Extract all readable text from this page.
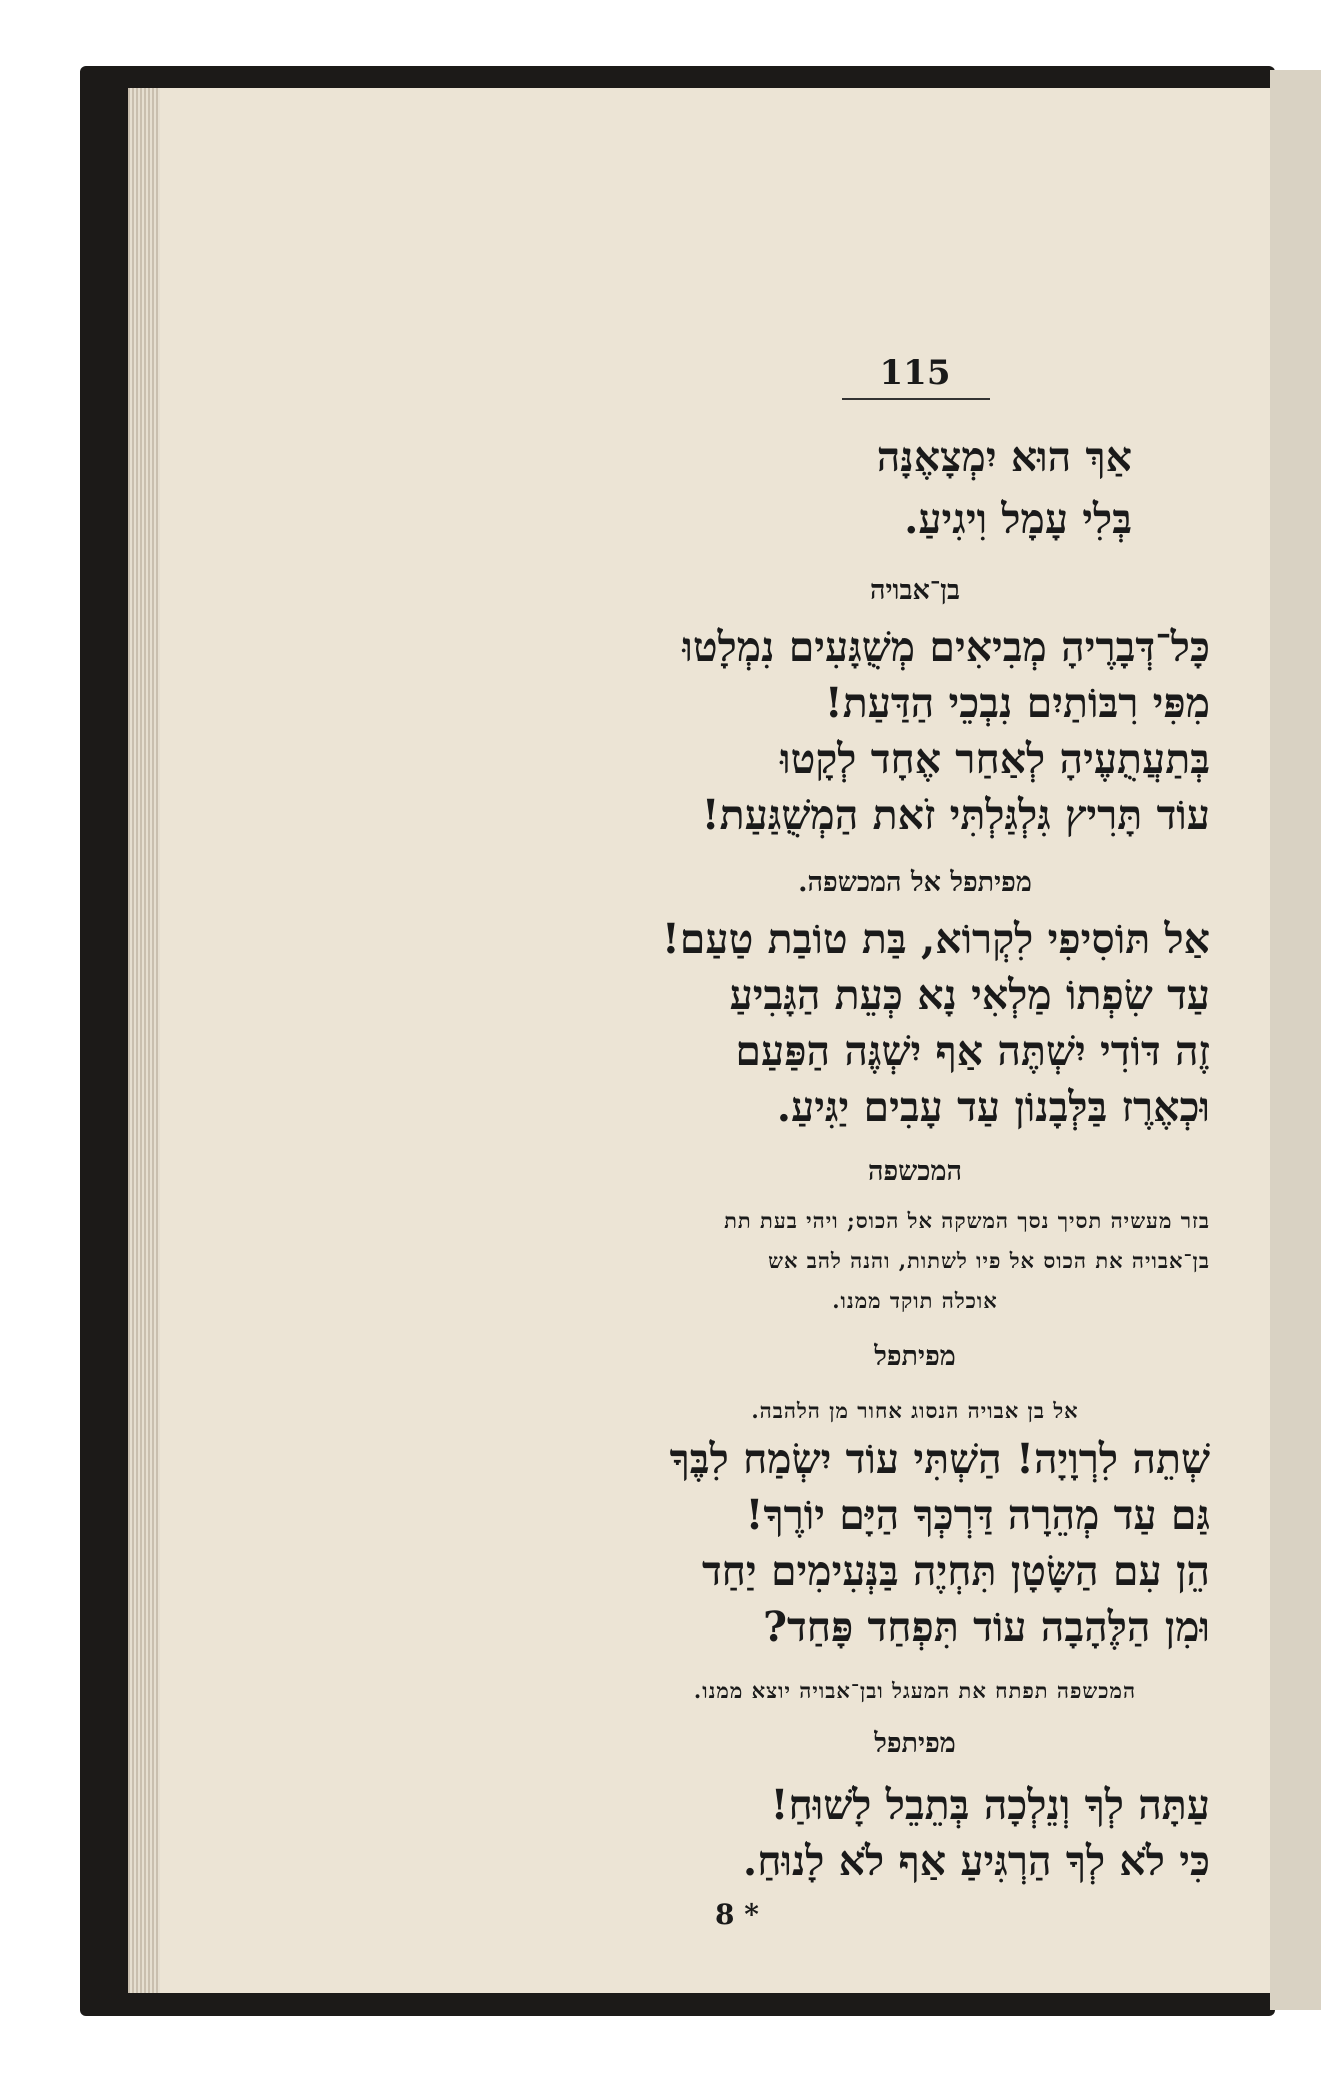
115
אַךְ הוּא יִמְצָאֶנָּה
בְּלִי עָמָל וִיגִיעַ.
בן־אבויה
כָּל־דְּבָרֶיהָ מְבִיאִים מְשֻׁגָּעִים נִמְלָטוּ
מִפִּי רִבּוֹתַיִם נִבְכֵי הַדַּעַת!
בְּתַעֲתֻעֶיהָ לְאַחַר אֶחָד לְקָטוּ
עוֹד תָּרִיץ גִּלְגַּלְתִּי זֹאת הַמְשֻׁגַּעַת!
מפיתפל אל המכשפה.
אַל תּוֹסִיפִי לִקְרוֹא, בַּת טוֹבַת טַעַם!
עַד שִׂפְתוֹ מַלְאִי נָא כְּעֵת הַגָּבִיעַ
זֶה דּוֹדִי יִשְׁתֶּה אַף יִשְׁגֶּה הַפַּעַם
וּכְאֶרֶז בַּלְּבָנוֹן עַד עָבִים יַגִּיעַ.
המכשפה
בזר מעשיה תסיך נסך המשקה אל הכוס; ויהי בעת תת
בן־אבויה את הכוס אל פיו לשתות, והנה להב אש
אוכלה תוקד ממנו.
מפיתפל
אל בן אבויה הנסוג אחור מן הלהבה.
שְׁתֵה לִרְוָיָה! הַשְׁתִּי עוֹד יִשְׂמַח לִבֶּךָ
גַּם עַד מְהֵרָה דַּרְכְּךָ הַיָּם יוֹרֶךָ!
הֵן עִם הַשָּׂטָן תִּחְיֶה בַּנְּעִימִים יַחַד
וּמִן הַלֶּהָבָה עוֹד תִּפְחַד פָּחַד?
המכשפה תפתח את המעגל ובן־אבויה יוצא ממנו.
מפיתפל
עַתָּה לְךָ וְנֵלְכָה בְּתֵבֵל לָשׁוּחַ!
כִּי לֹא לְךָ הַרְגִּיעַ אַף לֹא לָנוּחַ.
8 *
